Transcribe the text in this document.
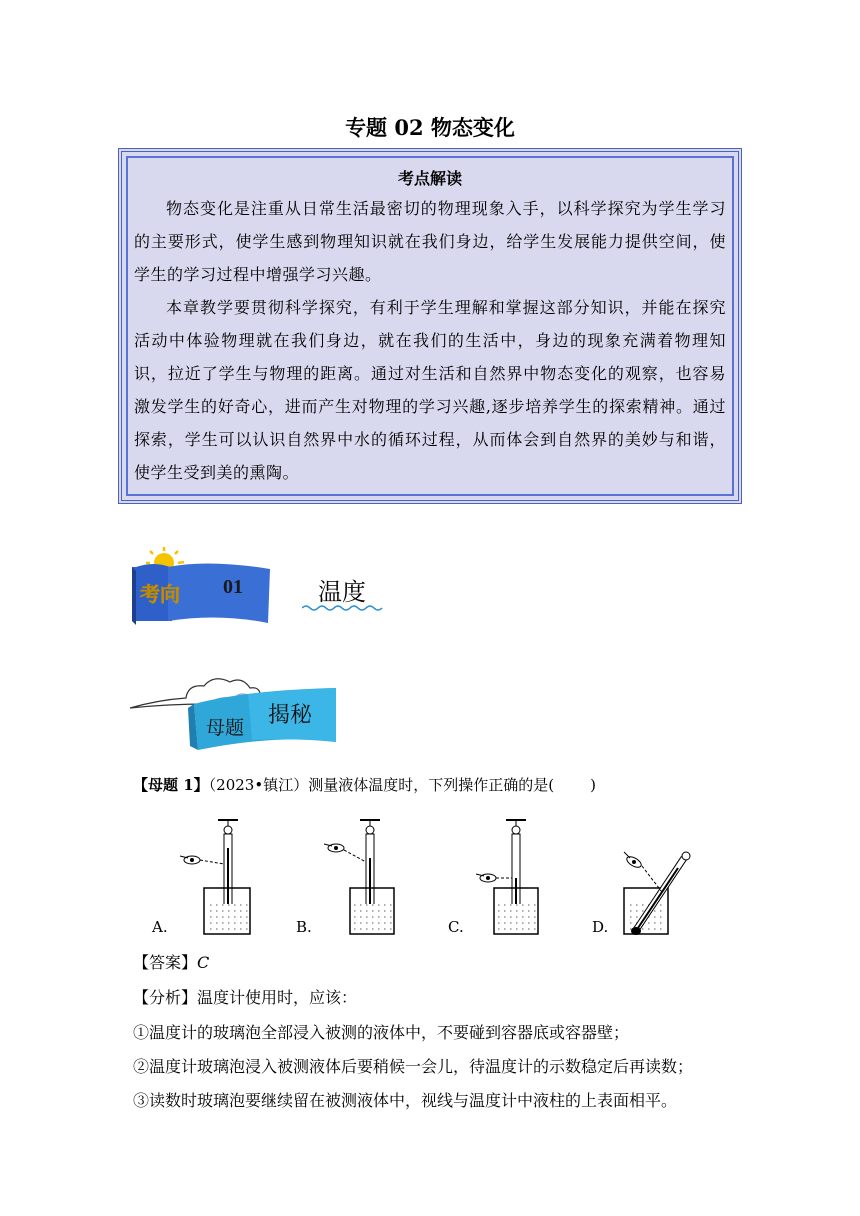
专题 02 物态变化
考点解读

物态变化是注重从日常生活最密切的物理现象入手，以科学探究为学生学习的主要形式，使学生感到物理知识就在我们身边，给学生发展能力提供空间，使学生的学习过程中增强学习兴趣。

本章教学要贯彻科学探究，有利于学生理解和掌握这部分知识，并能在探究活动中体验物理就在我们身边，就在我们的生活中，身边的现象充满着物理知识，拉近了学生与物理的距离。通过对生活和自然界中物态变化的观察，也容易激发学生的好奇心，进而产生对物理的学习兴趣,逐步培养学生的探索精神。通过探索，学生可以认识自然界中水的循环过程，从而体会到自然界的美妙与和谐，使学生受到美的熏陶。

考向 01	温度
母题 揭秘
【母题 1】（2023•镇江）测量液体温度时，下列操作正确的是( )
A.	B.	C.	D.
【答案】C
【分析】温度计使用时，应该：
①温度计的玻璃泡全部浸入被测的液体中，不要碰到容器底或容器壁；
②温度计玻璃泡浸入被测液体后要稍候一会儿，待温度计的示数稳定后再读数；
③读数时玻璃泡要继续留在被测液体中，视线与温度计中液柱的上表面相平。
